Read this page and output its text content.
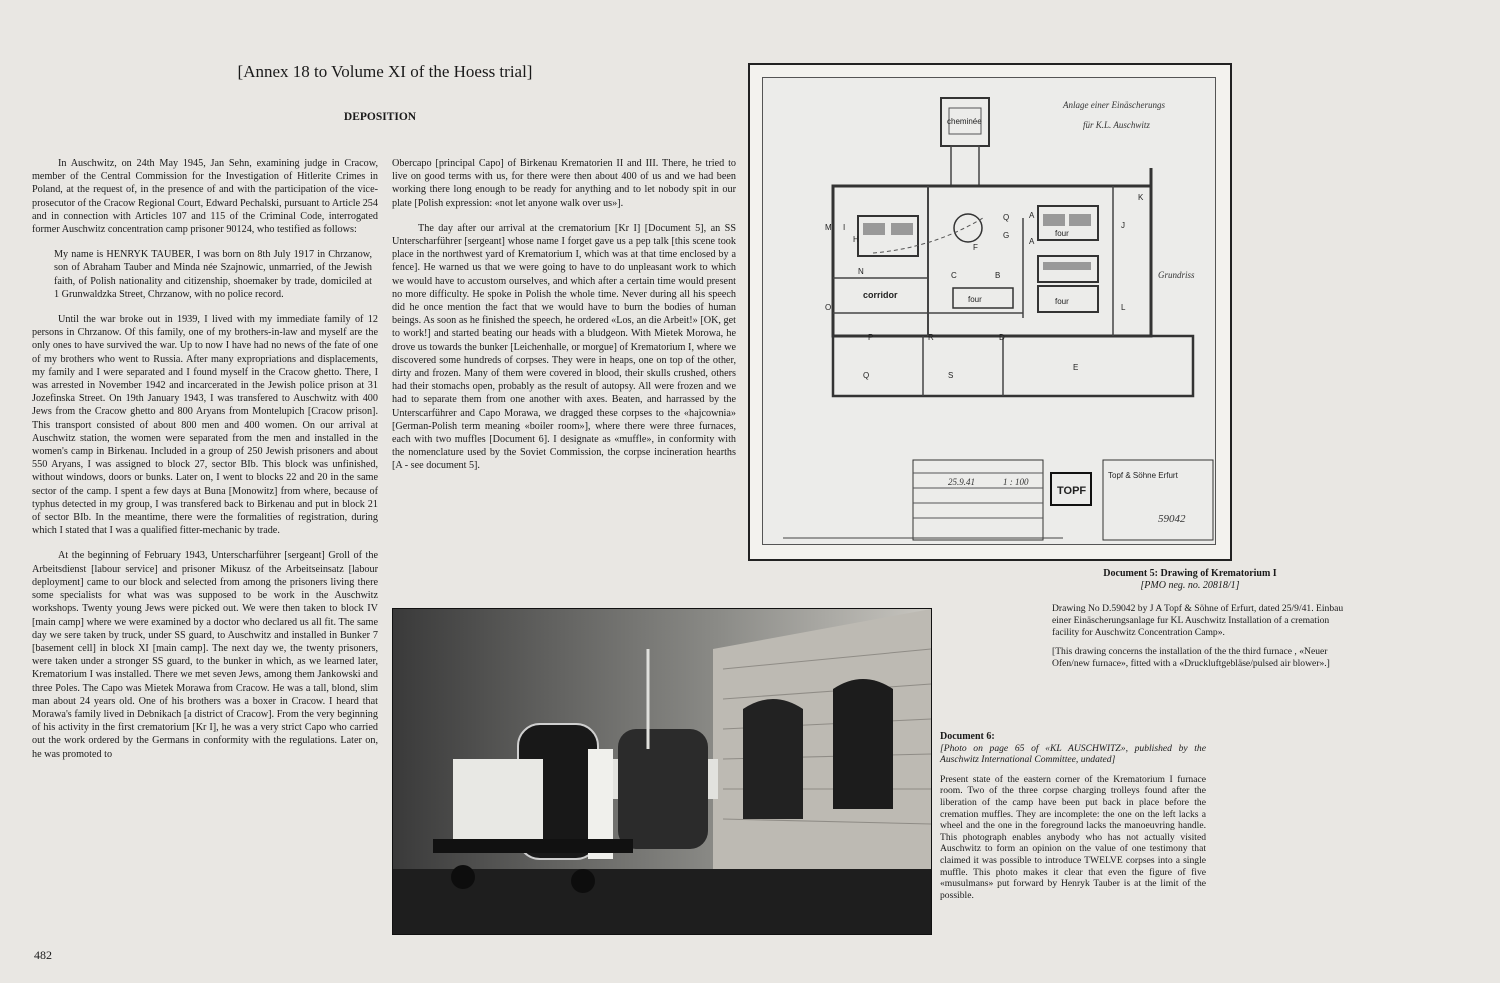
[Annex 18 to Volume XI of the Hoess trial]
DEPOSITION

In Auschwitz, on 24th May 1945, Jan Sehn, examining judge in Cracow, member of the Central Commission for the Investigation of Hitlerite Crimes in Poland, at the request of, in the presence of and with the participation of the vice-prosecutor of the Cracow Regional Court, Edward Pechalski, pursuant to Article 254 and in connection with Articles 107 and 115 of the Criminal Code, interrogated former Auschwitz concentration camp prisoner 90124, who testified as follows:

My name is HENRYK TAUBER, I was born on 8th July 1917 in Chrzanow, son of Abraham Tauber and Minda née Szajnowic, unmarried, of the Jewish faith, of Polish nationality and citizenship, shoemaker by trade, domiciled at 1 Grunwaldzka Street, Chrzanow, with no police record.

Until the war broke out in 1939, I lived with my immediate family of 12 persons in Chrzanow. Of this family, one of my brothers-in-law and myself are the only ones to have survived the war. Up to now I have had no news of the fate of one of my brothers who went to Russia. After many expropriations and displacements, my family and I were separated and I found myself in the Cracow ghetto. There, I was arrested in November 1942 and incarcerated in the Jewish police prison at 31 Jozefinska Street. On 19th January 1943, I was transfered to Auschwitz with 400 Jews from the Cracow ghetto and 800 Aryans from Montelupich [Cracow prison]. This transport consisted of about 800 men and 400 women. On our arrival at Auschwitz station, the women were separated from the men and installed in the women's camp in Birkenau. Included in a group of 250 Jewish prisoners and about 550 Aryans, I was assigned to block 27, sector BIb. This block was unfinished, without windows, doors or bunks. Later on, I went to blocks 22 and 20 in the same sector of the camp. I spent a few days at Buna [Monowitz] from where, because of typhus detected in my group, I was transfered back to Birkenau and put in block 21 of sector BIb. In the meantime, there were the formalities of registration, during which I stated that I was a qualified fitter-mechanic by trade.

At the beginning of February 1943, Unterscharführer [sergeant] Groll of the Arbeitsdienst [labour service] and prisoner Mikusz of the Arbeitseinsatz [labour deployment] came to our block and selected from among the prisoners living there some specialists for what was was supposed to be work in the Auschwitz workshops. Twenty young Jews were picked out. We were then taken to block IV [main camp] where we were examined by a doctor who declared us all fit. The same day we sere taken by truck, under SS guard, to Auschwitz and installed in Bunker 7 [basement cell] in block XI [main camp]. The next day we, the twenty prisoners, were taken under a stronger SS guard, to the bunker in which, as we learned later, Krematorium I was installed. There we met seven Jews, among them Jankowski and three Poles. The Capo was Mietek Morawa from Cracow. He was a tall, blond, slim man about 24 years old. One of his brothers was a boxer in Cracow. I heard that Morawa's family lived in Debnikach [a district of Cracow]. From the very beginning of his activity in the first crematorium [Kr I], he was a very strict Capo who carried out the work ordered by the Germans in conformity with the regulations. Later on, he was promoted to

Obercapo [principal Capo] of Birkenau Krematorien II and III. There, he tried to live on good terms with us, for there were then about 400 of us and we had been working there long enough to be ready for anything and to let nobody spit in our plate [Polish expression: «not let anyone walk over us»].

The day after our arrival at the crematorium [Kr I] [Document 5], an SS Unterscharführer [sergeant] whose name I forget gave us a pep talk [this scene took place in the northwest yard of Krematorium I, which was at that time enclosed by a fence]. He warned us that we were going to have to do unpleasant work to which we would have to accustom ourselves, and which after a certain time would present no more difficulty. He spoke in Polish the whole time. Never during all his speech did he once mention the fact that we would have to burn the bodies of human beings. As soon as he finished the speech, he ordered «Los, an die Arbeit!» [OK, get to work!] and started beating our heads with a bludgeon. With Mietek Morowa, he drove us towards the bunker [Leichenhalle, or morgue] of Krematorium I, where we discovered some hundreds of corpses. They were in heaps, one on top of the other, dirty and frozen. Many of them were covered in blood, their skulls crushed, others had their stomachs open, probably as the result of autopsy. All were frozen and we had to separate them from one another with axes. Beaten, and harrassed by the Unterscarführer and Capo Morawa, we dragged these corpses to the «hajcownia» [German-Polish term meaning «boiler room»], where there were three furnaces, each with two muffles [Document 6]. I designate as «muffle», in conformity with the nomenclature used by the Soviet Commission, the corpse incineration hearths [A - see document 5].

cheminée
four
four
four
M I
H
F
Q
G
A
A
B
C
D
E
J
K
L
N
O
P	R
Q	S
corridor
Anlage einer Einäscherungs
für K.L. Auschwitz
Grundriss
TOPF
25.9.41	1 : 100
Topf & Söhne Erfurt
59042
Document 5: Drawing of Krematorium I
[PMO neg. no. 20818/1]

Drawing No D.59042 by J A Topf & Söhne of Erfurt, dated 25/9/41. Einbau einer Einäscherungsanlage fur KL Auschwitz Installation of a cremation facility for Auschwitz Concentration Camp».

[This drawing concerns the installation of the the third furnace , «Neuer Ofen/new furnace», fitted with a «Druckluftgebläse/pulsed air blower».]

Document 6:

[Photo on page 65 of «KL AUSCHWITZ», published by the Auschwitz International Committee, undated]

Present state of the eastern corner of the Krematorium I furnace room. Two of the three corpse charging trolleys found after the liberation of the camp have been put back in place before the cremation muffles. They are incomplete: the one on the left lacks a wheel and the one in the foreground lacks the manoeuvring handle. This photograph enables anybody who has not actually visited Auschwitz to form an opinion on the value of one testimony that claimed it was possible to introduce TWELVE corpses into a single muffle. This photo makes it clear that even the figure of five «musulmans» put forward by Henryk Tauber is at the limit of the possible.

482
